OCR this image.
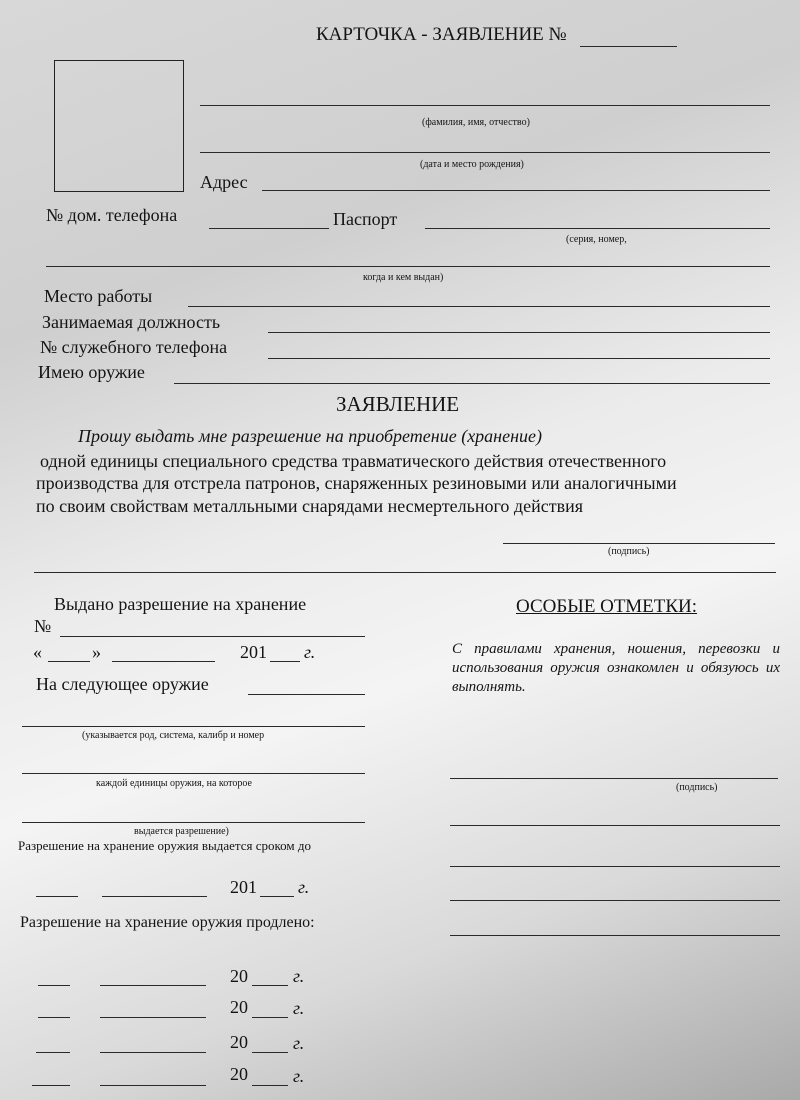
КАРТОЧКА - ЗАЯВЛЕНИЕ №
(фамилия, имя, отчество)
(дата и место рождения)
Адрес
№ дом. телефона	Паспорт
(серия, номер,
когда и кем выдан)
Место работы
Занимаемая должность
№ служебного телефона
Имею оружие
ЗАЯВЛЕНИЕ
Прошу выдать мне разрешение на приобретение (хранение)
одной единицы специального средства травматического действия отечественного
производства для отстрела патронов, снаряженных резиновыми или аналогичными
по своим свойствам металльными снарядами несмертельного действия
(подпись)
Выдано разрешение на хранение
№
«	»	201 г.
На следующее оружие
(указывается род, система, калибр и номер
каждой единицы оружия, на которое
выдается разрешение)
Разрешение на хранение оружия выдается сроком до
201 г.
Разрешение на хранение оружия продлено:
20	г.
20	г.
20	г.
20	г.
ОСОБЫЕ ОТМЕТКИ:
С правилами хранения, ношения, перевозки и использования оружия ознакомлен и обязуюсь их выполнять.
(подпись)
